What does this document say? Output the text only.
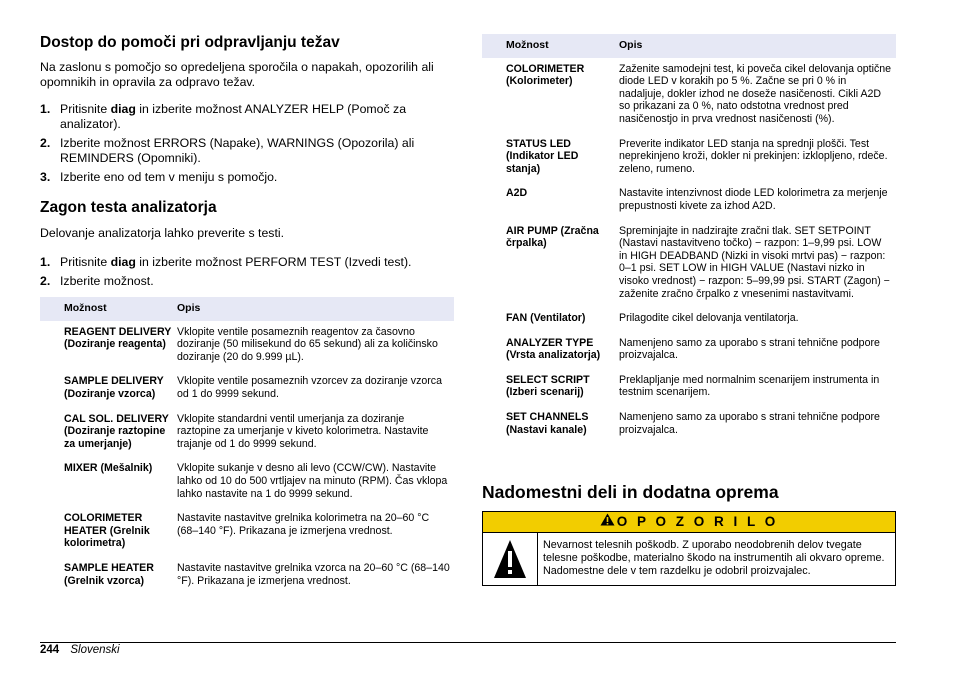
Dostop do pomoči pri odpravljanju težav
Na zaslonu s pomočjo so opredeljena sporočila o napakah, opozorilih ali opomnikih in opravila za odpravo težav.
1. Pritisnite diag in izberite možnost ANALYZER HELP (Pomoč za analizator).
2. Izberite možnost ERRORS (Napake), WARNINGS (Opozorila) ali REMINDERS (Opomniki).
3. Izberite eno od tem v meniju s pomočjo.
Zagon testa analizatorja
Delovanje analizatorja lahko preverite s testi.
1. Pritisnite diag in izberite možnost PERFORM TEST (Izvedi test).
2. Izberite možnost.
Možnost	Opis
REAGENT DELIVERY (Doziranje reagenta)	Vklopite ventile posameznih reagentov za časovno doziranje (50 milisekund do 65 sekund) ali za količinsko doziranje (20 do 9.999 µL).
SAMPLE DELIVERY (Doziranje vzorca)	Vklopite ventile posameznih vzorcev za doziranje vzorca od 1 do 9999 sekund.
CAL SOL. DELIVERY (Doziranje raztopine za umerjanje)	Vklopite standardni ventil umerjanja za doziranje raztopine za umerjanje v kiveto kolorimetra. Nastavite trajanje od 1 do 9999 sekund.
MIXER (Mešalnik)	Vklopite sukanje v desno ali levo (CCW/CW). Nastavite lahko od 10 do 500 vrtljajev na minuto (RPM). Čas vklopa lahko nastavite na 1 do 9999 sekund.
COLORIMETER HEATER (Grelnik kolorimetra)	Nastavite nastavitve grelnika kolorimetra na 20–60 °C (68–140 °F). Prikazana je izmerjena vrednost.
SAMPLE HEATER (Grelnik vzorca)	Nastavite nastavitve grelnika vzorca na 20–60 °C (68–140 °F). Prikazana je izmerjena vrednost.
Možnost	Opis
COLORIMETER (Kolorimeter)	Zaženite samodejni test, ki poveča cikel delovanja optične diode LED v korakih po 5 %. Začne se pri 0 % in nadaljuje, dokler izhod ne doseže nasičenosti. Cikli A2D so prikazani za 0 %, nato odstotna vrednost pred nasičenostjo in prva vrednost nasičenosti (%).
STATUS LED (Indikator LED stanja)	Preverite indikator LED stanja na sprednji plošči. Test neprekinjeno kroži, dokler ni prekinjen: izklopljeno, rdeče. zeleno, rumeno.
A2D	Nastavite intenzivnost diode LED kolorimetra za merjenje prepustnosti kivete za izhod A2D.
AIR PUMP (Zračna črpalka)	Spreminjajte in nadzirajte zračni tlak. SET SETPOINT (Nastavi nastavitveno točko) − razpon: 1–9,99 psi. LOW in HIGH DEADBAND (Nizki in visoki mrtvi pas) − razpon: 0–1 psi. SET LOW in HIGH VALUE (Nastavi nizko in visoko vrednost) − razpon: 5–99,99 psi. START (Zagon) − zaženite zračno črpalko z vnesenimi nastavitvami.
FAN (Ventilator)	Prilagodite cikel delovanja ventilatorja.
ANALYZER TYPE (Vrsta analizatorja)	Namenjeno samo za uporabo s strani tehnične podpore proizvajalca.
SELECT SCRIPT (Izberi scenarij)	Preklapljanje med normalnim scenarijem instrumenta in testnim scenarijem.
SET CHANNELS (Nastavi kanale)	Namenjeno samo za uporabo s strani tehnične podpore proizvajalca.
Nadomestni deli in dodatna oprema
O P O Z O R I L O
Nevarnost telesnih poškodb. Z uporabo neodobrenih delov tvegate telesne poškodbe, materialno škodo na instrumentih ali okvaro opreme. Nadomestne dele v tem razdelku je odobril proizvajalec.
244 Slovenski
